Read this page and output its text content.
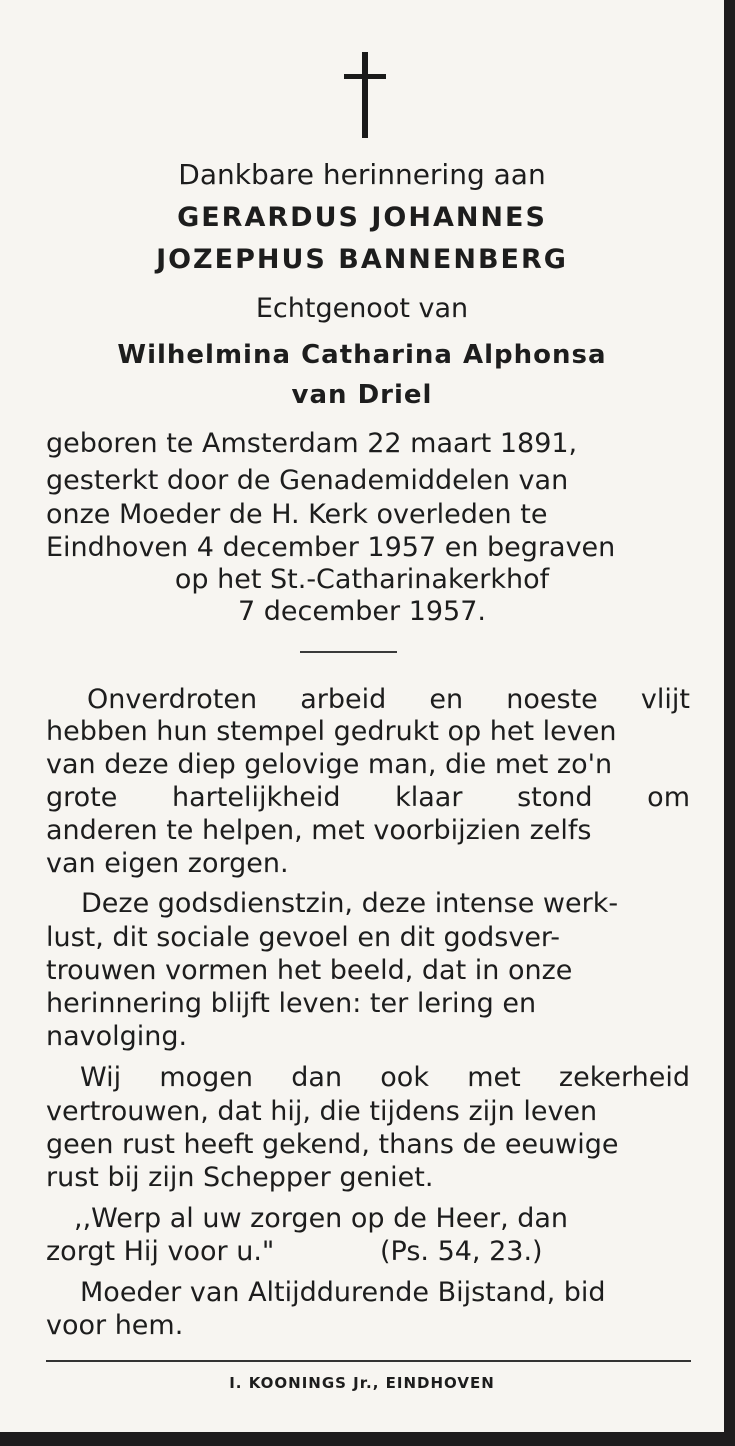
Dankbare herinnering aan
GERARDUS JOHANNES
JOZEPHUS BANNENBERG
Echtgenoot van
Wilhelmina Catharina Alphonsa
van Driel
geboren te Amsterdam 22 maart 1891,
gesterkt door de Genademiddelen van
onze Moeder de H. Kerk overleden te
Eindhoven 4 december 1957 en begraven
op het St.-Catharinakerkhof
7 december 1957.
Onverdroten arbeid en noeste vlijt
hebben hun stempel gedrukt op het leven
van deze diep gelovige man, die met zo'n
grote hartelijkheid klaar stond om
anderen te helpen, met voorbijzien zelfs
van eigen zorgen.
Deze godsdienstzin, deze intense werk-
lust, dit sociale gevoel en dit godsver-
trouwen vormen het beeld, dat in onze
herinnering blijft leven: ter lering en
navolging.
Wij mogen dan ook met zekerheid
vertrouwen, dat hij, die tijdens zijn leven
geen rust heeft gekend, thans de eeuwige
rust bij zijn Schepper geniet.
,,Werp al uw zorgen op de Heer, dan
zorgt Hij voor u."	(Ps. 54, 23.)
Moeder van Altijddurende Bijstand, bid
voor hem.
I. KOONINGS Jr., EINDHOVEN
